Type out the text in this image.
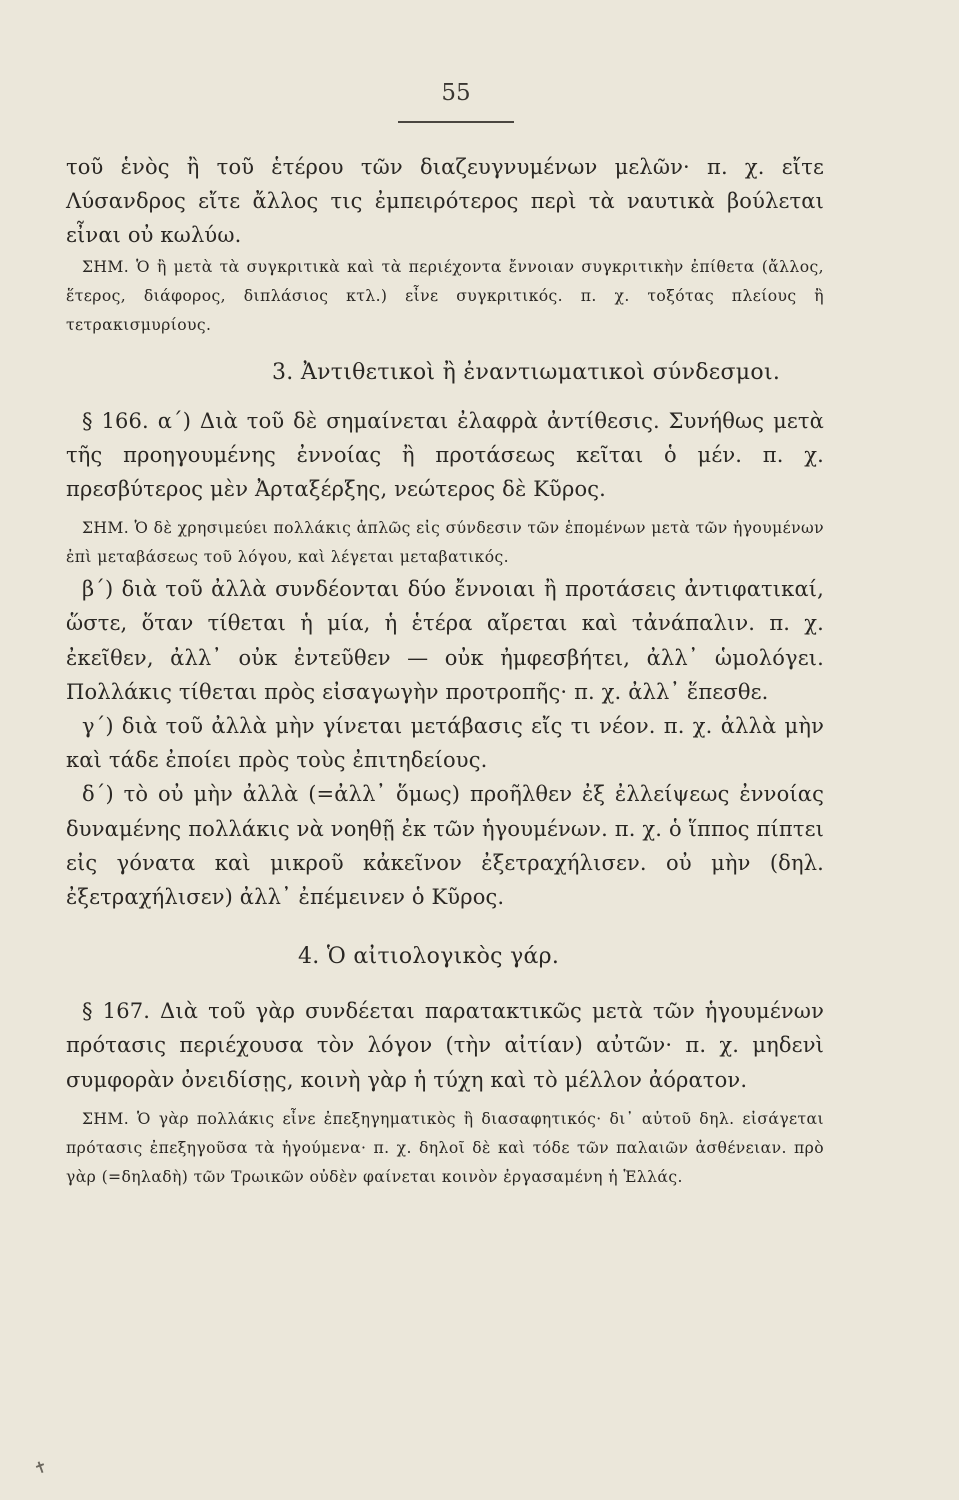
55

τοῦ ἑνὸς ἢ τοῦ ἑτέρου τῶν διαζευγνυμένων μελῶν· π. χ. εἴτε Λύσανδρος εἴτε ἄλλος τις ἐμπειρότερος περὶ τὰ ναυτικὰ βούλεται εἶναι οὐ κωλύω.

ΣΗΜ. Ὁ ἢ μετὰ τὰ συγκριτικὰ καὶ τὰ περιέχοντα ἔννοιαν συγκριτικὴν ἐπίθετα (ἄλλος, ἕτερος, διάφορος, διπλάσιος κτλ.) εἶνε συγκριτικός. π. χ. τοξότας πλείους ἢ τετρακισμυρίους.

3. Ἀντιθετικοὶ ἢ ἐναντιωματικοὶ σύνδεσμοι.

§ 166. α΄) Διὰ τοῦ δὲ σημαίνεται ἐλαφρὰ ἀντίθεσις. Συνήθως μετὰ τῆς προηγουμένης ἐννοίας ἢ προτάσεως κεῖται ὁ μέν. π. χ. πρεσβύτερος μὲν Ἀρταξέρξης, νεώτερος δὲ Κῦρος.

ΣΗΜ. Ὁ δὲ χρησιμεύει πολλάκις ἁπλῶς εἰς σύνδεσιν τῶν ἑπομένων μετὰ τῶν ἡγουμένων ἐπὶ μεταβάσεως τοῦ λόγου, καὶ λέγεται μεταβατικός.

β΄) διὰ τοῦ ἀλλὰ συνδέονται δύο ἔννοιαι ἢ προτάσεις ἀντιφατικαί, ὥστε, ὅταν τίθεται ἡ μία, ἡ ἑτέρα αἴρεται καὶ τἀνάπαλιν. π. χ. ἐκεῖθεν, ἀλλ᾽ οὐκ ἐντεῦθεν — οὐκ ἠμφεσβήτει, ἀλλ᾽ ὡμολόγει. Πολλάκις τίθεται πρὸς εἰσαγωγὴν προτροπῆς· π. χ. ἀλλ᾽ ἕπεσθε.

γ΄) διὰ τοῦ ἀλλὰ μὴν γίνεται μετάβασις εἴς τι νέον. π. χ. ἀλλὰ μὴν καὶ τάδε ἐποίει πρὸς τοὺς ἐπιτηδείους.

δ΄) τὸ οὐ μὴν ἀλλὰ (=ἀλλ᾽ ὅμως) προῆλθεν ἐξ ἐλλείψεως ἐννοίας δυναμένης πολλάκις νὰ νοηθῇ ἐκ τῶν ἡγουμένων. π. χ. ὁ ἵππος πίπτει εἰς γόνατα καὶ μικροῦ κἀκεῖνον ἐξετραχήλισεν. οὐ μὴν (δηλ. ἐξετραχήλισεν) ἀλλ᾽ ἐπέμεινεν ὁ Κῦρος.

4. Ὁ αἰτιολογικὸς γάρ.

§ 167. Διὰ τοῦ γὰρ συνδέεται παρατακτικῶς μετὰ τῶν ἡγουμένων πρότασις περιέχουσα τὸν λόγον (τὴν αἰτίαν) αὐτῶν· π. χ. μηδενὶ συμφορὰν ὀνειδίσῃς, κοινὴ γὰρ ἡ τύχη καὶ τὸ μέλλον ἀόρατον.

ΣΗΜ. Ὁ γὰρ πολλάκις εἶνε ἐπεξηγηματικὸς ἢ διασαφητικός· δι᾽ αὐτοῦ δηλ. εἰσάγεται πρότασις ἐπεξηγοῦσα τὰ ἡγούμενα· π. χ. δηλοῖ δὲ καὶ τόδε τῶν παλαιῶν ἀσθένειαν. πρὸ γὰρ (=δηλαδὴ) τῶν Τρωικῶν οὐδὲν φαίνεται κοινὸν ἐργασαμένη ἡ Ἑλλάς.

✝
